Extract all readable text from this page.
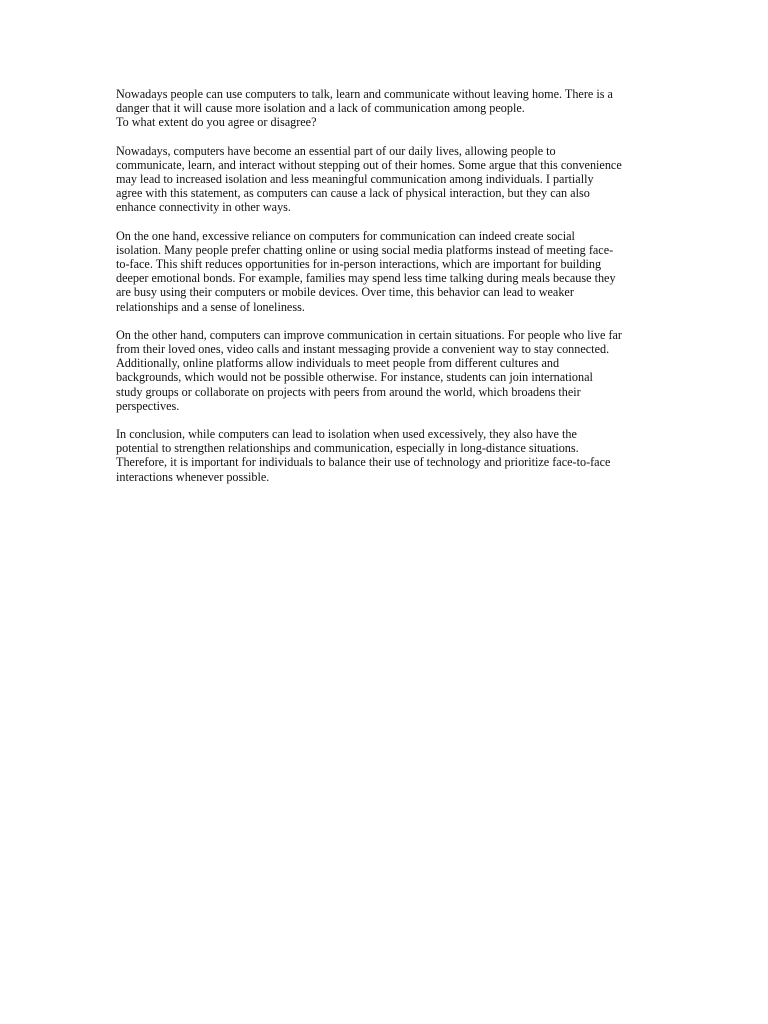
Nowadays people can use computers to talk, learn and communicate without leaving home. There is a
danger that it will cause more isolation and a lack of communication among people.
To what extent do you agree or disagree?
Nowadays, computers have become an essential part of our daily lives, allowing people to
communicate, learn, and interact without stepping out of their homes. Some argue that this convenience
may lead to increased isolation and less meaningful communication among individuals. I partially
agree with this statement, as computers can cause a lack of physical interaction, but they can also
enhance connectivity in other ways.
On the one hand, excessive reliance on computers for communication can indeed create social
isolation. Many people prefer chatting online or using social media platforms instead of meeting face-
to-face. This shift reduces opportunities for in-person interactions, which are important for building
deeper emotional bonds. For example, families may spend less time talking during meals because they
are busy using their computers or mobile devices. Over time, this behavior can lead to weaker
relationships and a sense of loneliness.
On the other hand, computers can improve communication in certain situations. For people who live far
from their loved ones, video calls and instant messaging provide a convenient way to stay connected.
Additionally, online platforms allow individuals to meet people from different cultures and
backgrounds, which would not be possible otherwise. For instance, students can join international
study groups or collaborate on projects with peers from around the world, which broadens their
perspectives.
In conclusion, while computers can lead to isolation when used excessively, they also have the
potential to strengthen relationships and communication, especially in long-distance situations.
Therefore, it is important for individuals to balance their use of technology and prioritize face-to-face
interactions whenever possible.
